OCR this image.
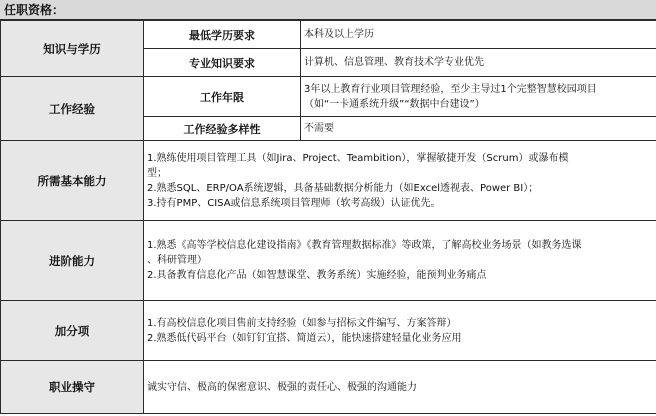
任职资格：
知识与学历	最低学历要求	本科及以上学历
	专业知识要求	计算机、信息管理、教育技术学专业优先
工作经验	工作年限	3年以上教育行业项目管理经验，至少主导过1个完整智慧校园项目
（如“一卡通系统升级”“数据中台建设”）

	工作经验多样性	不需要
所需基本能力	1.熟练使用项目管理工具（如Jira、Project、Teambition），掌握敏捷开发（Scrum）或瀑布模
型；
2.熟悉SQL、ERP/OA系统逻辑，具备基础数据分析能力（如Excel透视表、Power BI）；
3.持有PMP、CISA或信息系统项目管理师（软考高级）认证优先。	

进阶能力	1.熟悉《高等学校信息化建设指南》《教育管理数据标准》等政策，了解高校业务场景（如教务选课
、科研管理）
2.具备教育信息化产品（如智慧课堂、教务系统）实施经验，能预判业务痛点	

加分项	1.有高校信息化项目售前支持经验（如参与招标文件编写、方案答辩）
2.熟悉低代码平台（如钉钉宜搭、简道云），能快速搭建轻量化业务应用	

职业操守	诚实守信、极高的保密意识、极强的责任心、极强的沟通能力	
